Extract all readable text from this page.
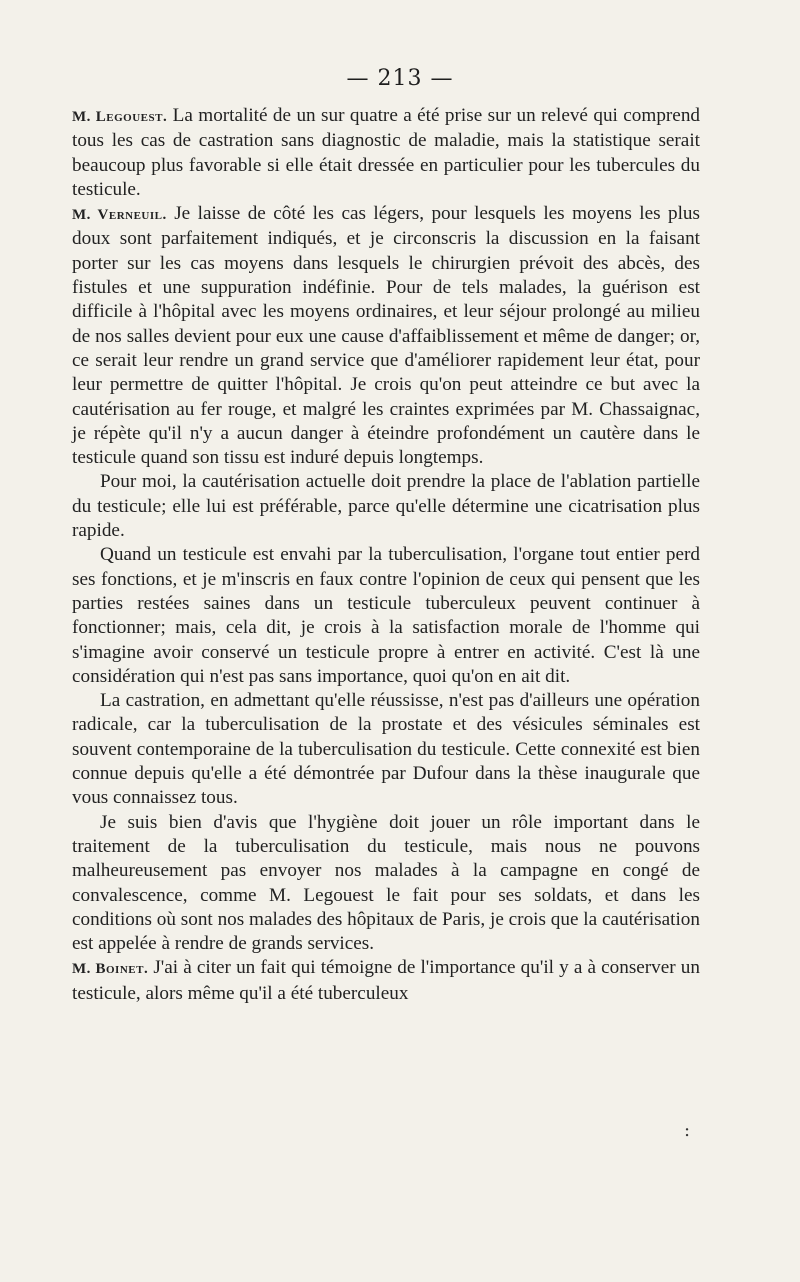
— 213 —

M. Legouest. La mortalité de un sur quatre a été prise sur un relevé qui comprend tous les cas de castration sans diagnostic de maladie, mais la statistique serait beaucoup plus favorable si elle était dressée en particulier pour les tubercules du testicule.

M. Verneuil. Je laisse de côté les cas légers, pour lesquels les moyens les plus doux sont parfaitement indiqués, et je circonscris la discussion en la faisant porter sur les cas moyens dans lesquels le chirurgien prévoit des abcès, des fistules et une suppuration indéfinie. Pour de tels malades, la guérison est difficile à l'hôpital avec les moyens ordinaires, et leur séjour prolongé au milieu de nos salles devient pour eux une cause d'affaiblissement et même de danger; or, ce serait leur rendre un grand service que d'améliorer rapidement leur état, pour leur permettre de quitter l'hôpital. Je crois qu'on peut atteindre ce but avec la cautérisation au fer rouge, et malgré les craintes exprimées par M. Chassaignac, je répète qu'il n'y a aucun danger à éteindre profondément un cautère dans le testicule quand son tissu est induré depuis longtemps.

Pour moi, la cautérisation actuelle doit prendre la place de l'ablation partielle du testicule; elle lui est préférable, parce qu'elle détermine une cicatrisation plus rapide.

Quand un testicule est envahi par la tuberculisation, l'organe tout entier perd ses fonctions, et je m'inscris en faux contre l'opinion de ceux qui pensent que les parties restées saines dans un testicule tuberculeux peuvent continuer à fonctionner; mais, cela dit, je crois à la satisfaction morale de l'homme qui s'imagine avoir conservé un testicule propre à entrer en activité. C'est là une considération qui n'est pas sans importance, quoi qu'on en ait dit.

La castration, en admettant qu'elle réussisse, n'est pas d'ailleurs une opération radicale, car la tuberculisation de la prostate et des vésicules séminales est souvent contemporaine de la tuberculisation du testicule. Cette connexité est bien connue depuis qu'elle a été démontrée par Dufour dans la thèse inaugurale que vous connaissez tous.

Je suis bien d'avis que l'hygiène doit jouer un rôle important dans le traitement de la tuberculisation du testicule, mais nous ne pouvons malheureusement pas envoyer nos malades à la campagne en congé de convalescence, comme M. Legouest le fait pour ses soldats, et dans les conditions où sont nos malades des hôpitaux de Paris, je crois que la cautérisation est appelée à rendre de grands services.

M. Boinet. J'ai à citer un fait qui témoigne de l'importance qu'il y a à conserver un testicule, alors même qu'il a été tuberculeux

:
